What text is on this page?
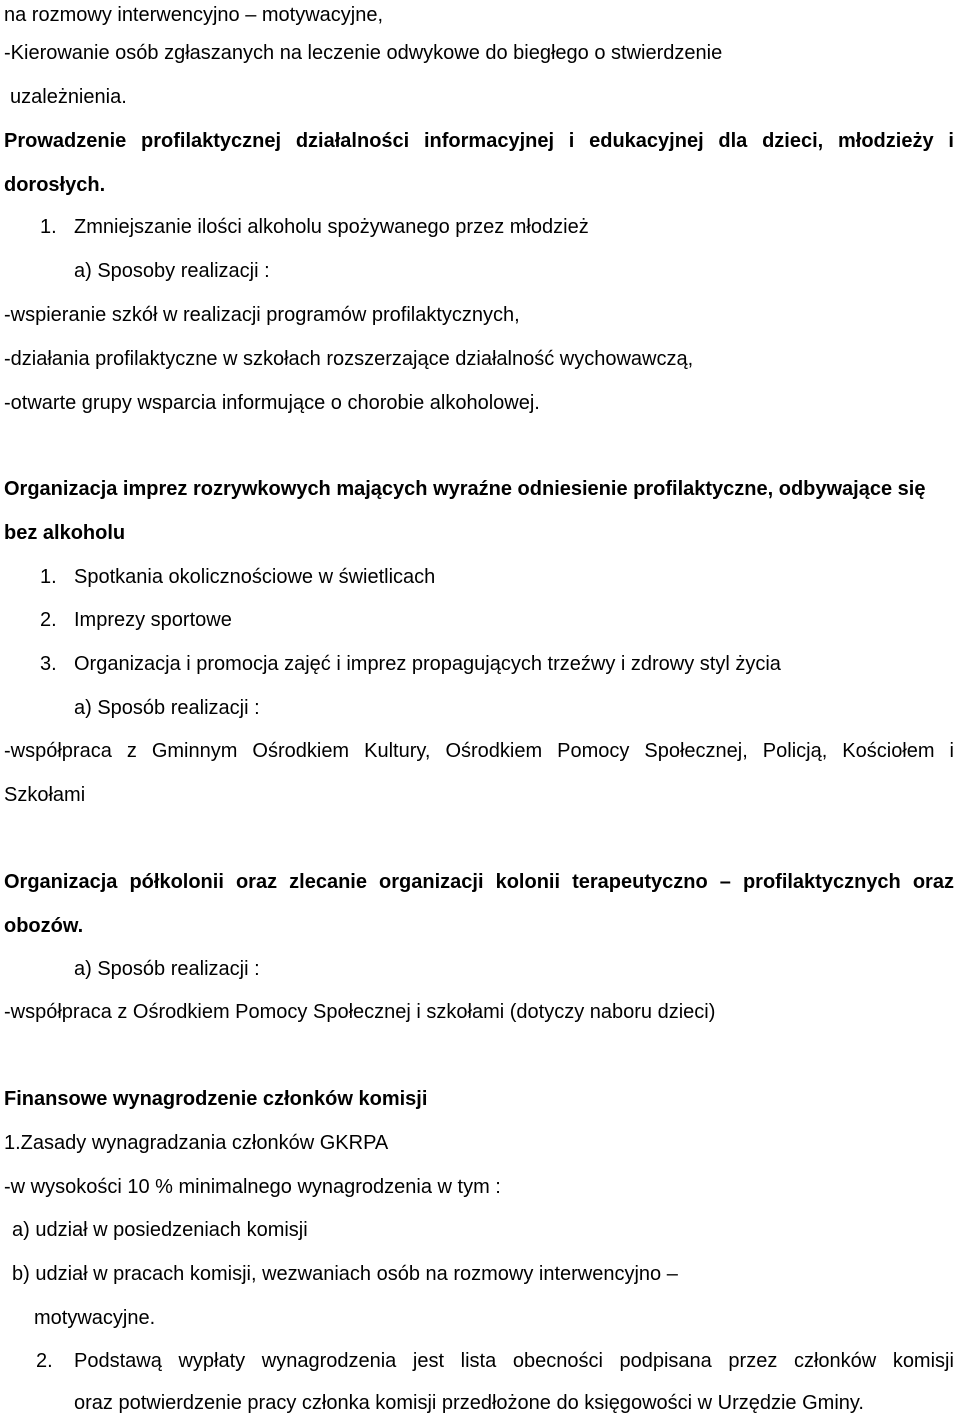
na rozmowy interwencyjno – motywacyjne,
-Kierowanie osób zgłaszanych na leczenie odwykowe do biegłego o stwierdzenie
uzależnienia.
Prowadzenie profilaktycznej działalności informacyjnej i edukacyjnej dla dzieci, młodzieży i
dorosłych.
1. Zmniejszanie ilości alkoholu spożywanego przez młodzież
a) Sposoby realizacji :
-wspieranie szkół w realizacji programów profilaktycznych,
-działania profilaktyczne w szkołach rozszerzające działalność wychowawczą,
-otwarte grupy wsparcia informujące o chorobie alkoholowej.
Organizacja imprez rozrywkowych mających wyraźne odniesienie profilaktyczne, odbywające się
bez alkoholu
1. Spotkania okolicznościowe w świetlicach
2. Imprezy sportowe
3. Organizacja i promocja zajęć i imprez propagujących trzeźwy i zdrowy styl życia
a) Sposób realizacji :
-współpraca z Gminnym Ośrodkiem Kultury, Ośrodkiem Pomocy Społecznej, Policją, Kościołem i
Szkołami
Organizacja półkolonii oraz zlecanie organizacji kolonii terapeutyczno – profilaktycznych oraz
obozów.
a) Sposób realizacji :
-współpraca z Ośrodkiem Pomocy Społecznej i szkołami (dotyczy naboru dzieci)
Finansowe wynagrodzenie członków komisji
1.Zasady wynagradzania członków GKRPA
-w wysokości 10 % minimalnego wynagrodzenia w tym :
a) udział w posiedzeniach komisji
b) udział w pracach komisji, wezwaniach osób na rozmowy interwencyjno –
motywacyjne.
2.	Podstawą wypłaty wynagrodzenia jest lista obecności podpisana przez członków komisji
oraz potwierdzenie pracy członka komisji przedłożone do księgowości w Urzędzie Gminy.
